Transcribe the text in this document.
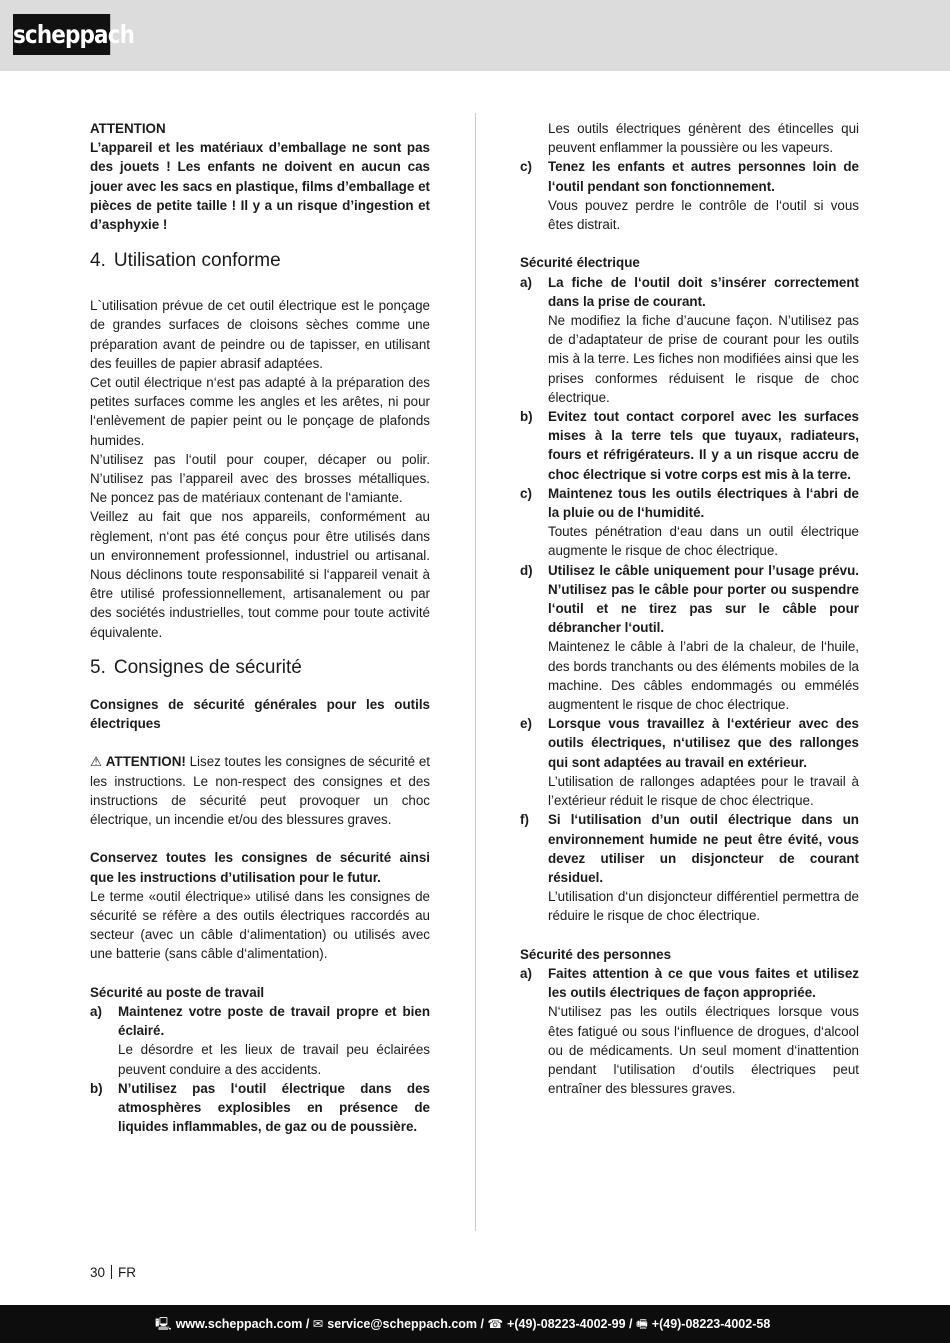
scheppach

ATTENTION

L’appareil et les matériaux d’emballage ne sont pas des jouets ! Les enfants ne doivent en aucun cas jouer avec les sacs en plastique, films d’emballage et pièces de petite taille ! Il y a un risque d’ingestion et d’asphyxie !

4. Utilisation conforme

L`utilisation prévue de cet outil électrique est le ponçage de grandes surfaces de cloisons sèches comme une préparation avant de peindre ou de tapisser, en utilisant des feuilles de papier abrasif adaptées.

Cet outil électrique n‘est pas adapté à la préparation des petites surfaces comme les angles et les arêtes, ni pour l‘enlèvement de papier peint ou le ponçage de plafonds humides.

N’utilisez pas l‘outil pour couper, décaper ou polir. N’utilisez pas l’appareil avec des brosses métalliques. Ne poncez pas de matériaux contenant de l‘amiante.

Veillez au fait que nos appareils, conformément au règlement, n‘ont pas été conçus pour être utilisés dans un environnement professionnel, industriel ou artisanal. Nous déclinons toute responsabilité si l‘appareil venait à être utilisé professionnellement, artisanalement ou par des sociétés industrielles, tout comme pour toute activité équivalente.

5. Consignes de sécurité

Consignes de sécurité générales pour les outils électriques

⚠ ATTENTION! Lisez toutes les consignes de sécurité et les instructions. Le non-respect des consignes et des instructions de sécurité peut provoquer un choc électrique, un incendie et/ou des blessures graves.

Conservez toutes les consignes de sécurité ainsi que les instructions d’utilisation pour le futur.

Le terme «outil électrique» utilisé dans les consignes de sécurité se réfère a des outils électriques raccordés au secteur (avec un câble d‘alimentation) ou utilisés avec une batterie (sans câble d‘alimentation).

Sécurité au poste de travail

a) Maintenez votre poste de travail propre et bien éclairé.

Le désordre et les lieux de travail peu éclairées peuvent conduire a des accidents.

b) N’utilisez pas l‘outil électrique dans des atmosphères explosibles en présence de liquides inflammables, de gaz ou de poussière.

Les outils électriques génèrent des étincelles qui peuvent enflammer la poussière ou les vapeurs.

c) Tenez les enfants et autres personnes loin de l‘outil pendant son fonctionnement.

Vous pouvez perdre le contrôle de l‘outil si vous êtes distrait.

Sécurité électrique

a) La fiche de l‘outil doit s’insérer correctement dans la prise de courant.

Ne modifiez la fiche d’aucune façon. N’utilisez pas de d’adaptateur de prise de courant pour les outils mis à la terre. Les fiches non modifiées ainsi que les prises conformes réduisent le risque de choc électrique.

b) Evitez tout contact corporel avec les surfaces mises à la terre tels que tuyaux, radiateurs, fours et réfrigérateurs. Il y a un risque accru de choc électrique si votre corps est mis à la terre.

c) Maintenez tous les outils électriques à l‘abri de la pluie ou de l‘humidité.

Toutes pénétration d‘eau dans un outil électrique augmente le risque de choc électrique.

d) Utilisez le câble uniquement pour l’usage prévu. N’utilisez pas le câble pour porter ou suspendre l‘outil et ne tirez pas sur le câble pour débrancher l‘outil.

Maintenez le câble à l’abri de la chaleur, de l‘huile, des bords tranchants ou des éléments mobiles de la machine. Des câbles endommagés ou emmélés augmentent le risque de choc électrique.

e) Lorsque vous travaillez à l‘extérieur avec des outils électriques, n‘utilisez que des rallonges qui sont adaptées au travail en extérieur.

L’utilisation de rallonges adaptées pour le travail à l’extérieur réduit le risque de choc électrique.

f) Si l‘utilisation d’un outil électrique dans un environnement humide ne peut être évité, vous devez utiliser un disjoncteur de courant résiduel.

L’utilisation d‘un disjoncteur différentiel permettra de réduire le risque de choc électrique.

Sécurité des personnes

a) Faites attention à ce que vous faites et utilisez les outils électriques de façon appropriée.

N‘utilisez pas les outils électriques lorsque vous êtes fatigué ou sous l‘influence de drogues, d‘alcool ou de médicaments. Un seul moment d‘inattention pendant l‘utilisation d‘outils électriques peut entraîner des blessures graves.

30 FR
🖳︎ www.scheppach.com / ✉︎ service@scheppach.com / ☎︎ +(49)-08223-4002-99 / 🖷︎ +(49)-08223-4002-58
